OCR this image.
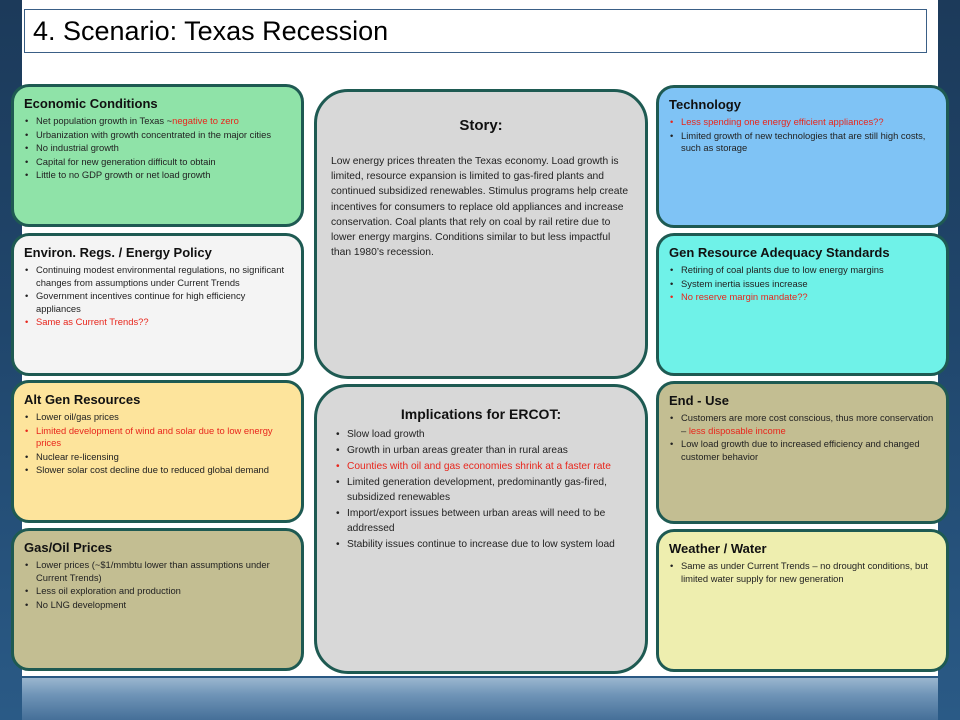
4. Scenario: Texas Recession
Economic Conditions
• Net population growth in Texas ~negative to zero
• Urbanization with growth concentrated in the major cities
• No industrial growth
• Capital for new generation difficult to obtain
• Little to no GDP growth or net load growth
Environ. Regs. / Energy Policy
• Continuing modest environmental regulations, no significant changes from assumptions under Current Trends
• Government incentives continue for high efficiency appliances
• Same as Current Trends??
Alt Gen Resources
• Lower oil/gas prices
• Limited development of wind and solar due to low energy prices
• Nuclear re-licensing
• Slower solar cost decline due to reduced global demand
Gas/Oil Prices
• Lower prices (~$1/mmbtu lower than assumptions under Current Trends)
• Less oil exploration and production
• No LNG development
Story:
Low energy prices threaten the Texas economy. Load growth is limited, resource expansion is limited to gas-fired plants and continued subsidized renewables. Stimulus programs help create incentives for consumers to replace old appliances and increase conservation. Coal plants that rely on coal by rail retire due to lower energy margins. Conditions similar to but less impactful than 1980’s recession.
Implications for ERCOT:
• Slow load growth
• Growth in urban areas greater than in rural areas
• Counties with oil and gas economies shrink at a faster rate
• Limited generation development, predominantly gas-fired, subsidized renewables
• Import/export issues between urban areas will need to be addressed
• Stability issues continue to increase due to low system load
Technology
• Less spending one energy efficient appliances??
• Limited growth of new technologies that are still high costs, such as storage
Gen Resource Adequacy Standards
• Retiring of coal plants due to low energy margins
• System inertia issues increase
• No reserve margin mandate??
End - Use
• Customers are more cost conscious, thus more conservation – less disposable income
• Low load growth due to increased efficiency and changed customer behavior
Weather / Water
• Same as under Current Trends – no drought conditions, but limited water supply for new generation
